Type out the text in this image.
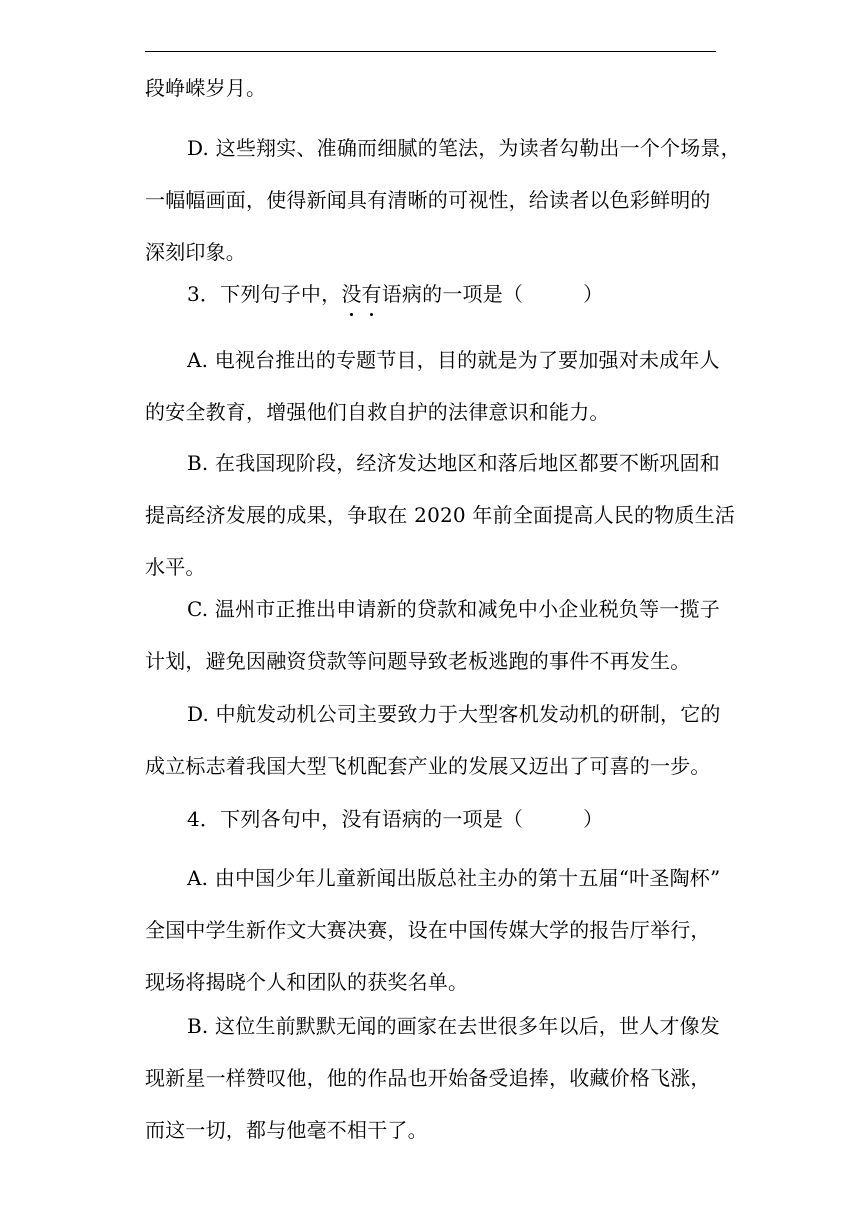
段峥嵘岁月。
D. 这些翔实、准确而细腻的笔法，为读者勾勒出一个个场景，
一幅幅画面，使得新闻具有清晰的可视性，给读者以色彩鲜明的
深刻印象。
3．下列句子中，没有语病的一项是（	）
A. 电视台推出的专题节目，目的就是为了要加强对未成年人
的安全教育，增强他们自救自护的法律意识和能力。
B. 在我国现阶段，经济发达地区和落后地区都要不断巩固和
提高经济发展的成果，争取在 2020 年前全面提高人民的物质生活
水平。
C. 温州市正推出申请新的贷款和减免中小企业税负等一揽子
计划，避免因融资贷款等问题导致老板逃跑的事件不再发生。
D. 中航发动机公司主要致力于大型客机发动机的研制，它的
成立标志着我国大型飞机配套产业的发展又迈出了可喜的一步。
4．下列各句中，没有语病的一项是（	）
A. 由中国少年儿童新闻出版总社主办的第十五届“叶圣陶杯”
全国中学生新作文大赛决赛，设在中国传媒大学的报告厅举行，
现场将揭晓个人和团队的获奖名单。
B. 这位生前默默无闻的画家在去世很多年以后，世人才像发
现新星一样赞叹他，他的作品也开始备受追捧，收藏价格飞涨，
而这一切，都与他毫不相干了。
